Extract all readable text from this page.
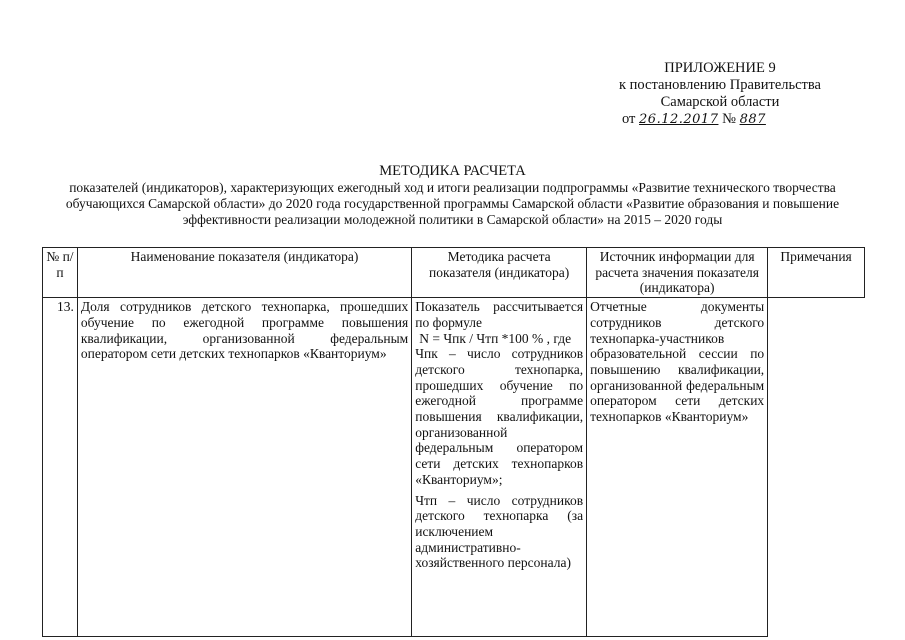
ПРИЛОЖЕНИЕ 9
к постановлению Правительства
Самарской области
от 26.12.2017 № 887
МЕТОДИКА РАСЧЕТА
показателей (индикаторов), характеризующих ежегодный ход и итоги реализации подпрограммы «Развитие технического творчества обучающихся Самарской области» до 2020 года государственной программы Самарской области «Развитие образования и повышение эффективности реализации молодежной политики в Самарской области» на 2015 – 2020 годы
№ п/п	Наименование показателя (индикатора)	Методика расчета показателя (индикатора)	Источник информации для расчета значения показателя (индикатора)	Примечания
13.	Доля сотрудников детского технопарка, прошедших обучение по ежегодной программе повышения квалификации, организованной федеральным оператором сети детских технопарков «Кванториум»	Показатель рассчитывается по формуле
N = Чпк / Чтп *100 % , где
Чпк – число сотрудников детского технопарка, прошедших обучение по ежегодной программе повышения квалификации, организованной федеральным оператором сети детских технопарков «Кванториум»;
Чтп – число сотрудников детского технопарка (за исключением административно-хозяйственного персонала)	Отчетные документы сотрудников детского технопарка-участников образовательной сессии по повышению квалификации, организованной федеральным оператором сети детских технопарков «Кванториум»	
